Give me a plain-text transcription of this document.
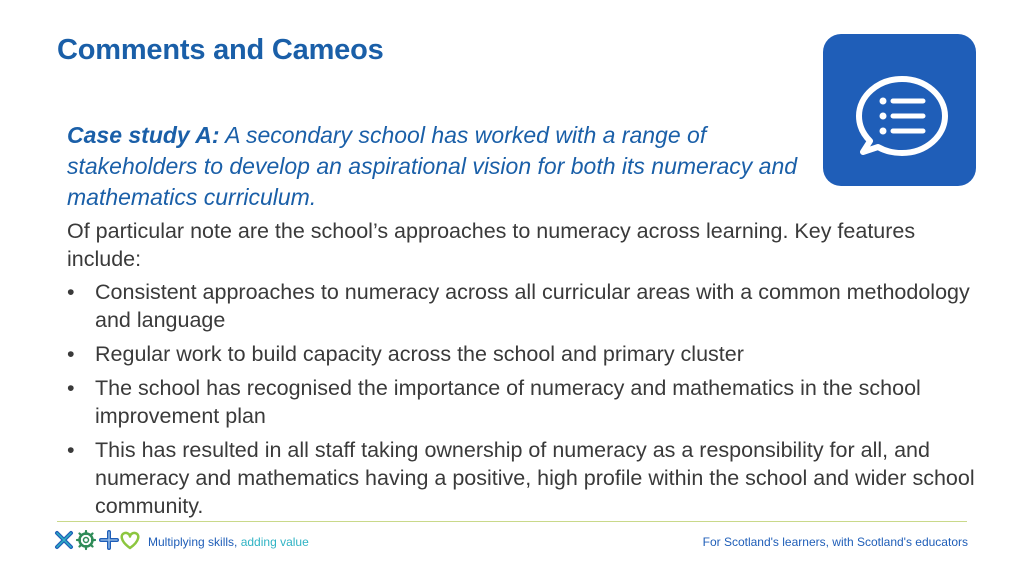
Comments and Cameos
Case study A: A secondary school has worked with a range of stakeholders to develop an aspirational vision for both its numeracy and mathematics curriculum.

Of particular note are the school’s approaches to numeracy across learning. Key features include:

• Consistent approaches to numeracy across all curricular areas with a common methodology and language
• Regular work to build capacity across the school and primary cluster
• The school has recognised the importance of numeracy and mathematics in the school improvement plan
• This has resulted in all staff taking ownership of numeracy as a responsibility for all, and numeracy and mathematics having a positive, high profile within the school and wider school community.
Multiplying skills, adding value	For Scotland's learners, with Scotland's educators
